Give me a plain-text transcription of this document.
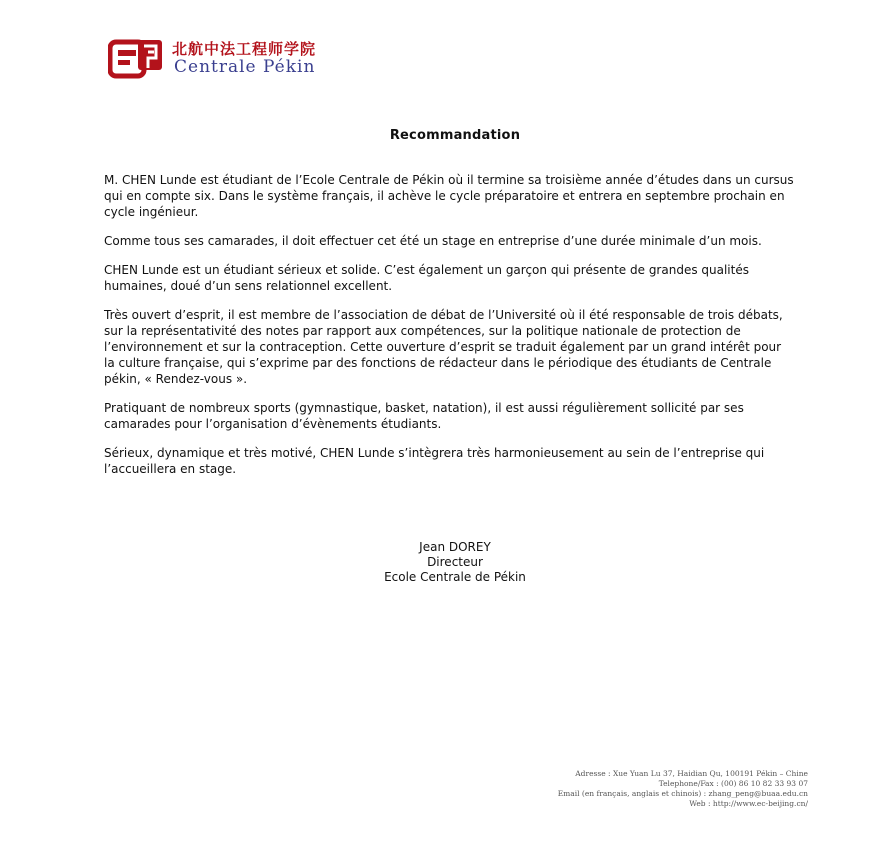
北航中法工程师学院
Centrale Pékin
Recommandation

M. CHEN Lunde est étudiant de l’Ecole Centrale de Pékin où il termine sa troisième année d’études dans un cursus qui en compte six. Dans le système français, il achève le cycle préparatoire et entrera en septembre prochain en cycle ingénieur.

Comme tous ses camarades, il doit effectuer cet été un stage en entreprise d’une durée minimale d’un mois.

CHEN Lunde est un étudiant sérieux et solide. C’est également un garçon qui présente de grandes qualités humaines, doué d’un sens relationnel excellent.

Très ouvert d’esprit, il est membre de l’association de débat de l’Université où il été responsable de trois débats, sur la représentativité des notes par rapport aux compétences, sur la politique nationale de protection de l’environnement et sur la contraception. Cette ouverture d’esprit se traduit également par un grand intérêt pour la culture française, qui s’exprime par des fonctions de rédacteur dans le périodique des étudiants de Centrale pékin, « Rendez-vous ».

Pratiquant de nombreux sports (gymnastique, basket, natation), il est aussi régulièrement sollicité par ses camarades pour l’organisation d’évènements étudiants.

Sérieux, dynamique et très motivé, CHEN Lunde s’intègrera très harmonieusement au sein de l’entreprise qui l’accueillera en stage.

Jean DOREY
Directeur
Ecole Centrale de Pékin
Adresse : Xue Yuan Lu 37, Haidian Qu, 100191 Pékin – Chine
Telephone/Fax : (00) 86 10 82 33 93 07
Email (en français, anglais et chinois) : zhang_peng@buaa.edu.cn
Web : http://www.ec-beijing.cn/
